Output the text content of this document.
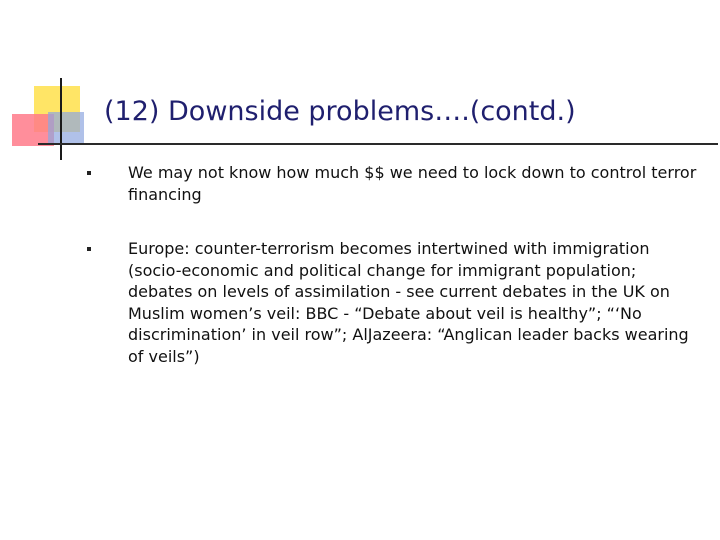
(12) Downside problems….(contd.)
We may not know how much $$ we need to lock down to control terror financing
Europe: counter-terrorism becomes intertwined with immigration (socio-economic and political change for immigrant population; debates on levels of assimilation - see current debates in the UK on Muslim women’s veil: BBC - “Debate about veil is healthy”; “‘No discrimination’ in veil row”; AlJazeera: “Anglican leader backs wearing of veils”)
